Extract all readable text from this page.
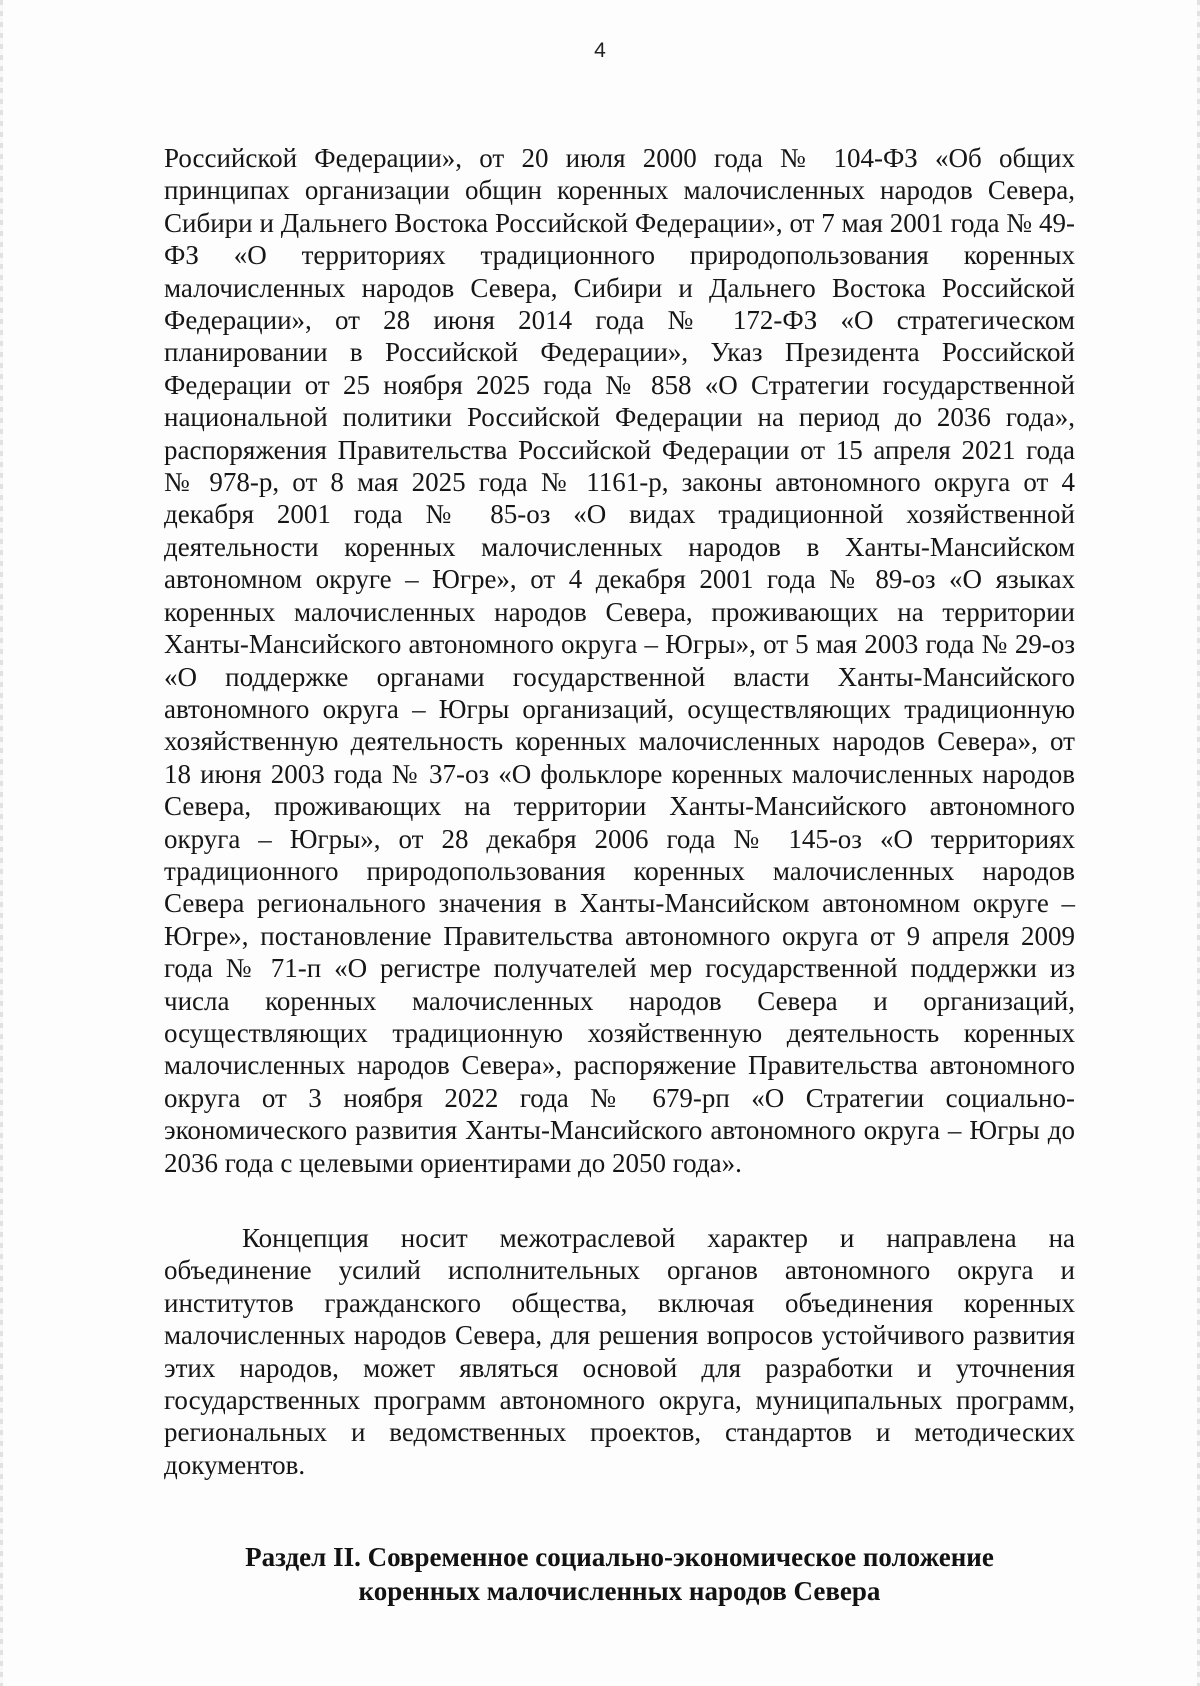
4

Российской Федерации», от 20 июля 2000 года № 104-ФЗ «Об общих принципах организации общин коренных малочисленных народов Севера, Сибири и Дальнего Востока Российской Федерации», от 7 мая 2001 года № 49-ФЗ «О территориях традиционного природопользования коренных малочисленных народов Севера, Сибири и Дальнего Востока Российской Федерации», от 28 июня 2014 года № 172-ФЗ «О стратегическом планировании в Российской Федерации», Указ Президента Российской Федерации от 25 ноября 2025 года № 858 «О Стратегии государственной национальной политики Российской Федерации на период до 2036 года», распоряжения Правительства Российской Федерации от 15 апреля 2021 года № 978-р, от 8 мая 2025 года № 1161-р, законы автономного округа от 4 декабря 2001 года № 85-оз «О видах традиционной хозяйственной деятельности коренных малочисленных народов в Ханты-Мансийском автономном округе – Югре», от 4 декабря 2001 года № 89-оз «О языках коренных малочисленных народов Севера, проживающих на территории Ханты-Мансийского автономного округа – Югры», от 5 мая 2003 года № 29-оз «О поддержке органами государственной власти Ханты-Мансийского автономного округа – Югры организаций, осуществляющих традиционную хозяйственную деятельность коренных малочисленных народов Севера», от 18 июня 2003 года № 37-оз «О фольклоре коренных малочисленных народов Севера, проживающих на территории Ханты-Мансийского автономного округа – Югры», от 28 декабря 2006 года № 145-оз «О территориях традиционного природопользования коренных малочисленных народов Севера регионального значения в Ханты-Мансийском автономном округе – Югре», постановление Правительства автономного округа от 9 апреля 2009 года № 71-п «О регистре получателей мер государственной поддержки из числа коренных малочисленных народов Севера и организаций, осуществляющих традиционную хозяйственную деятельность коренных малочисленных народов Севера», распоряжение Правительства автономного округа от 3 ноября 2022 года № 679-рп «О Стратегии социально-экономического развития Ханты-Мансийского автономного округа – Югры до 2036 года с целевыми ориентирами до 2050 года».

Концепция носит межотраслевой характер и направлена на объединение усилий исполнительных органов автономного округа и институтов гражданского общества, включая объединения коренных малочисленных народов Севера, для решения вопросов устойчивого развития этих народов, может являться основой для разработки и уточнения государственных программ автономного округа, муниципальных программ, региональных и ведомственных проектов, стандартов и методических документов.

Раздел II. Современное социально-экономическое положение
коренных малочисленных народов Севера
